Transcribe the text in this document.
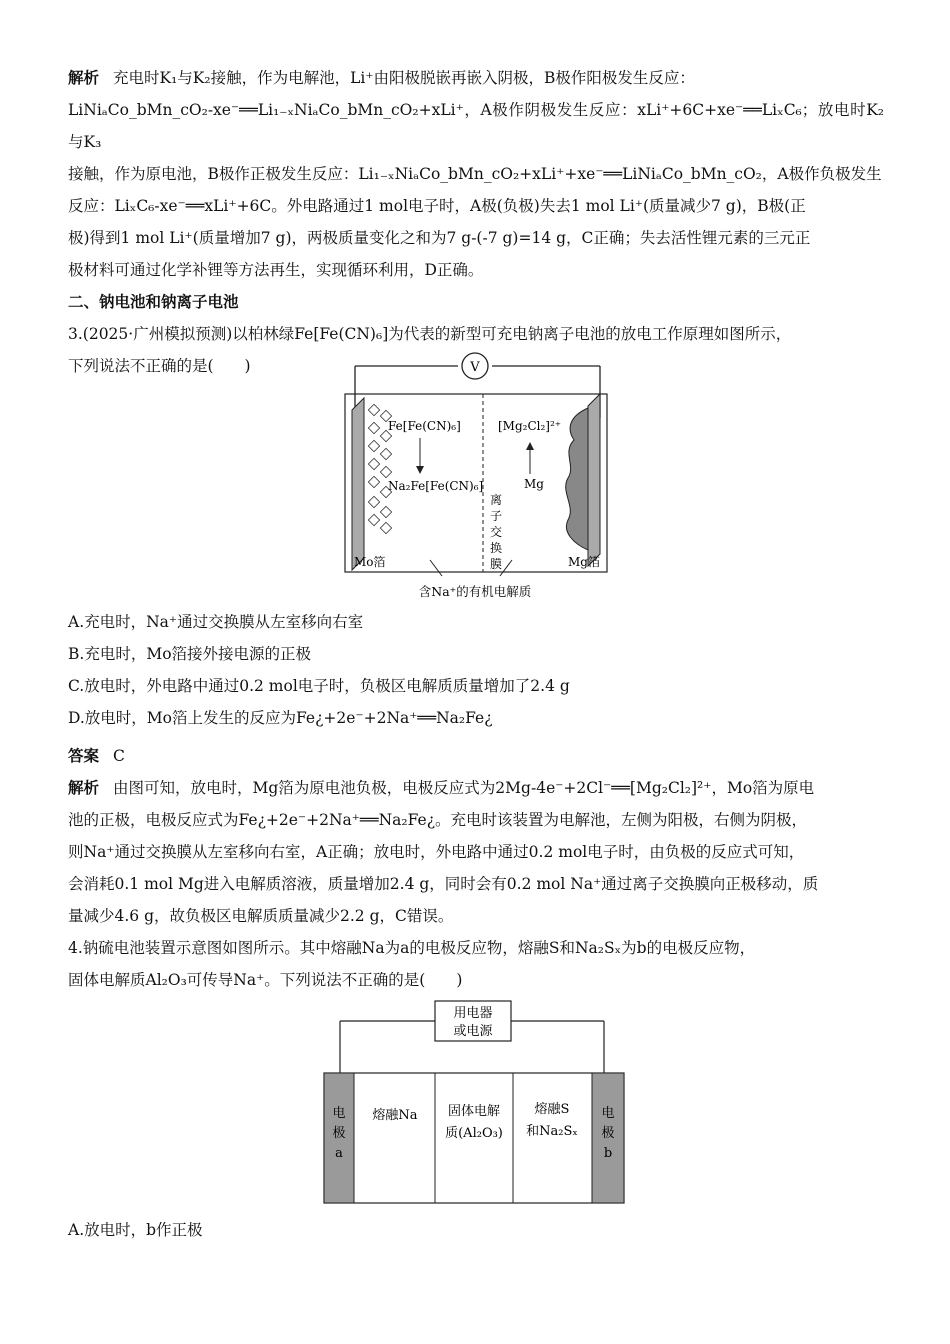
解析 充电时K₁与K₂接触，作为电解池，Li⁺由阳极脱嵌再嵌入阴极，B极作阳极发生反应：

LiNiₐCo_bMn_cO₂-xe⁻══Li₁₋ₓNiₐCo_bMn_cO₂+xLi⁺，A极作阴极发生反应：xLi⁺+6C+xe⁻══LiₓC₆；放电时K₂与K₃

接触，作为原电池，B极作正极发生反应：Li₁₋ₓNiₐCo_bMn_cO₂+xLi⁺+xe⁻══LiNiₐCo_bMn_cO₂，A极作负极发生

反应：LiₓC₆-xe⁻══xLi⁺+6C。外电路通过1 mol电子时，A极(负极)失去1 mol Li⁺(质量减少7 g)，B极(正

极)得到1 mol Li⁺(质量增加7 g)，两极质量变化之和为7 g-(-7 g)=14 g，C正确；失去活性锂元素的三元正

极材料可通过化学补锂等方法再生，实现循环利用，D正确。

二、钠电池和钠离子电池

3.(2025·广州模拟预测)以柏林绿Fe[Fe(CN)₆]为代表的新型可充电钠离子电池的放电工作原理如图所示，

下列说法不正确的是(　　)	V
Fe[Fe(CN)₆]
Na₂Fe[Fe(CN)₆]
[Mg₂Cl₂]²⁺
Mg
离
子
交
换
膜
Mo箔	Mg箔
含Na⁺的有机电解质

A.充电时，Na⁺通过交换膜从左室移向右室

B.充电时，Mo箔接外接电源的正极

C.放电时，外电路中通过0.2 mol电子时，负极区电解质质量增加了2.4 g

D.放电时，Mo箔上发生的反应为Fe¿+2e⁻+2Na⁺══Na₂Fe¿

答案 C

解析 由图可知，放电时，Mg箔为原电池负极，电极反应式为2Mg-4e⁻+2Cl⁻══[Mg₂Cl₂]²⁺，Mo箔为原电

池的正极，电极反应式为Fe¿+2e⁻+2Na⁺══Na₂Fe¿。充电时该装置为电解池，左侧为阳极，右侧为阴极，

则Na⁺通过交换膜从左室移向右室，A正确；放电时，外电路中通过0.2 mol电子时，由负极的反应式可知，

会消耗0.1 mol Mg进入电解质溶液，质量增加2.4 g，同时会有0.2 mol Na⁺通过离子交换膜向正极移动，质

量减少4.6 g，故负极区电解质质量减少2.2 g，C错误。

4.钠硫电池装置示意图如图所示。其中熔融Na为a的电极反应物，熔融S和Na₂Sₓ为b的电极反应物，

固体电解质Al₂O₃可传导Na⁺。下列说法不正确的是(　　)

用电器
或电源
电
极
a
电
极
b
熔融Na 固体电解
质(Al₂O₃)
熔融S
和Na₂Sₓ

A.放电时，b作正极
